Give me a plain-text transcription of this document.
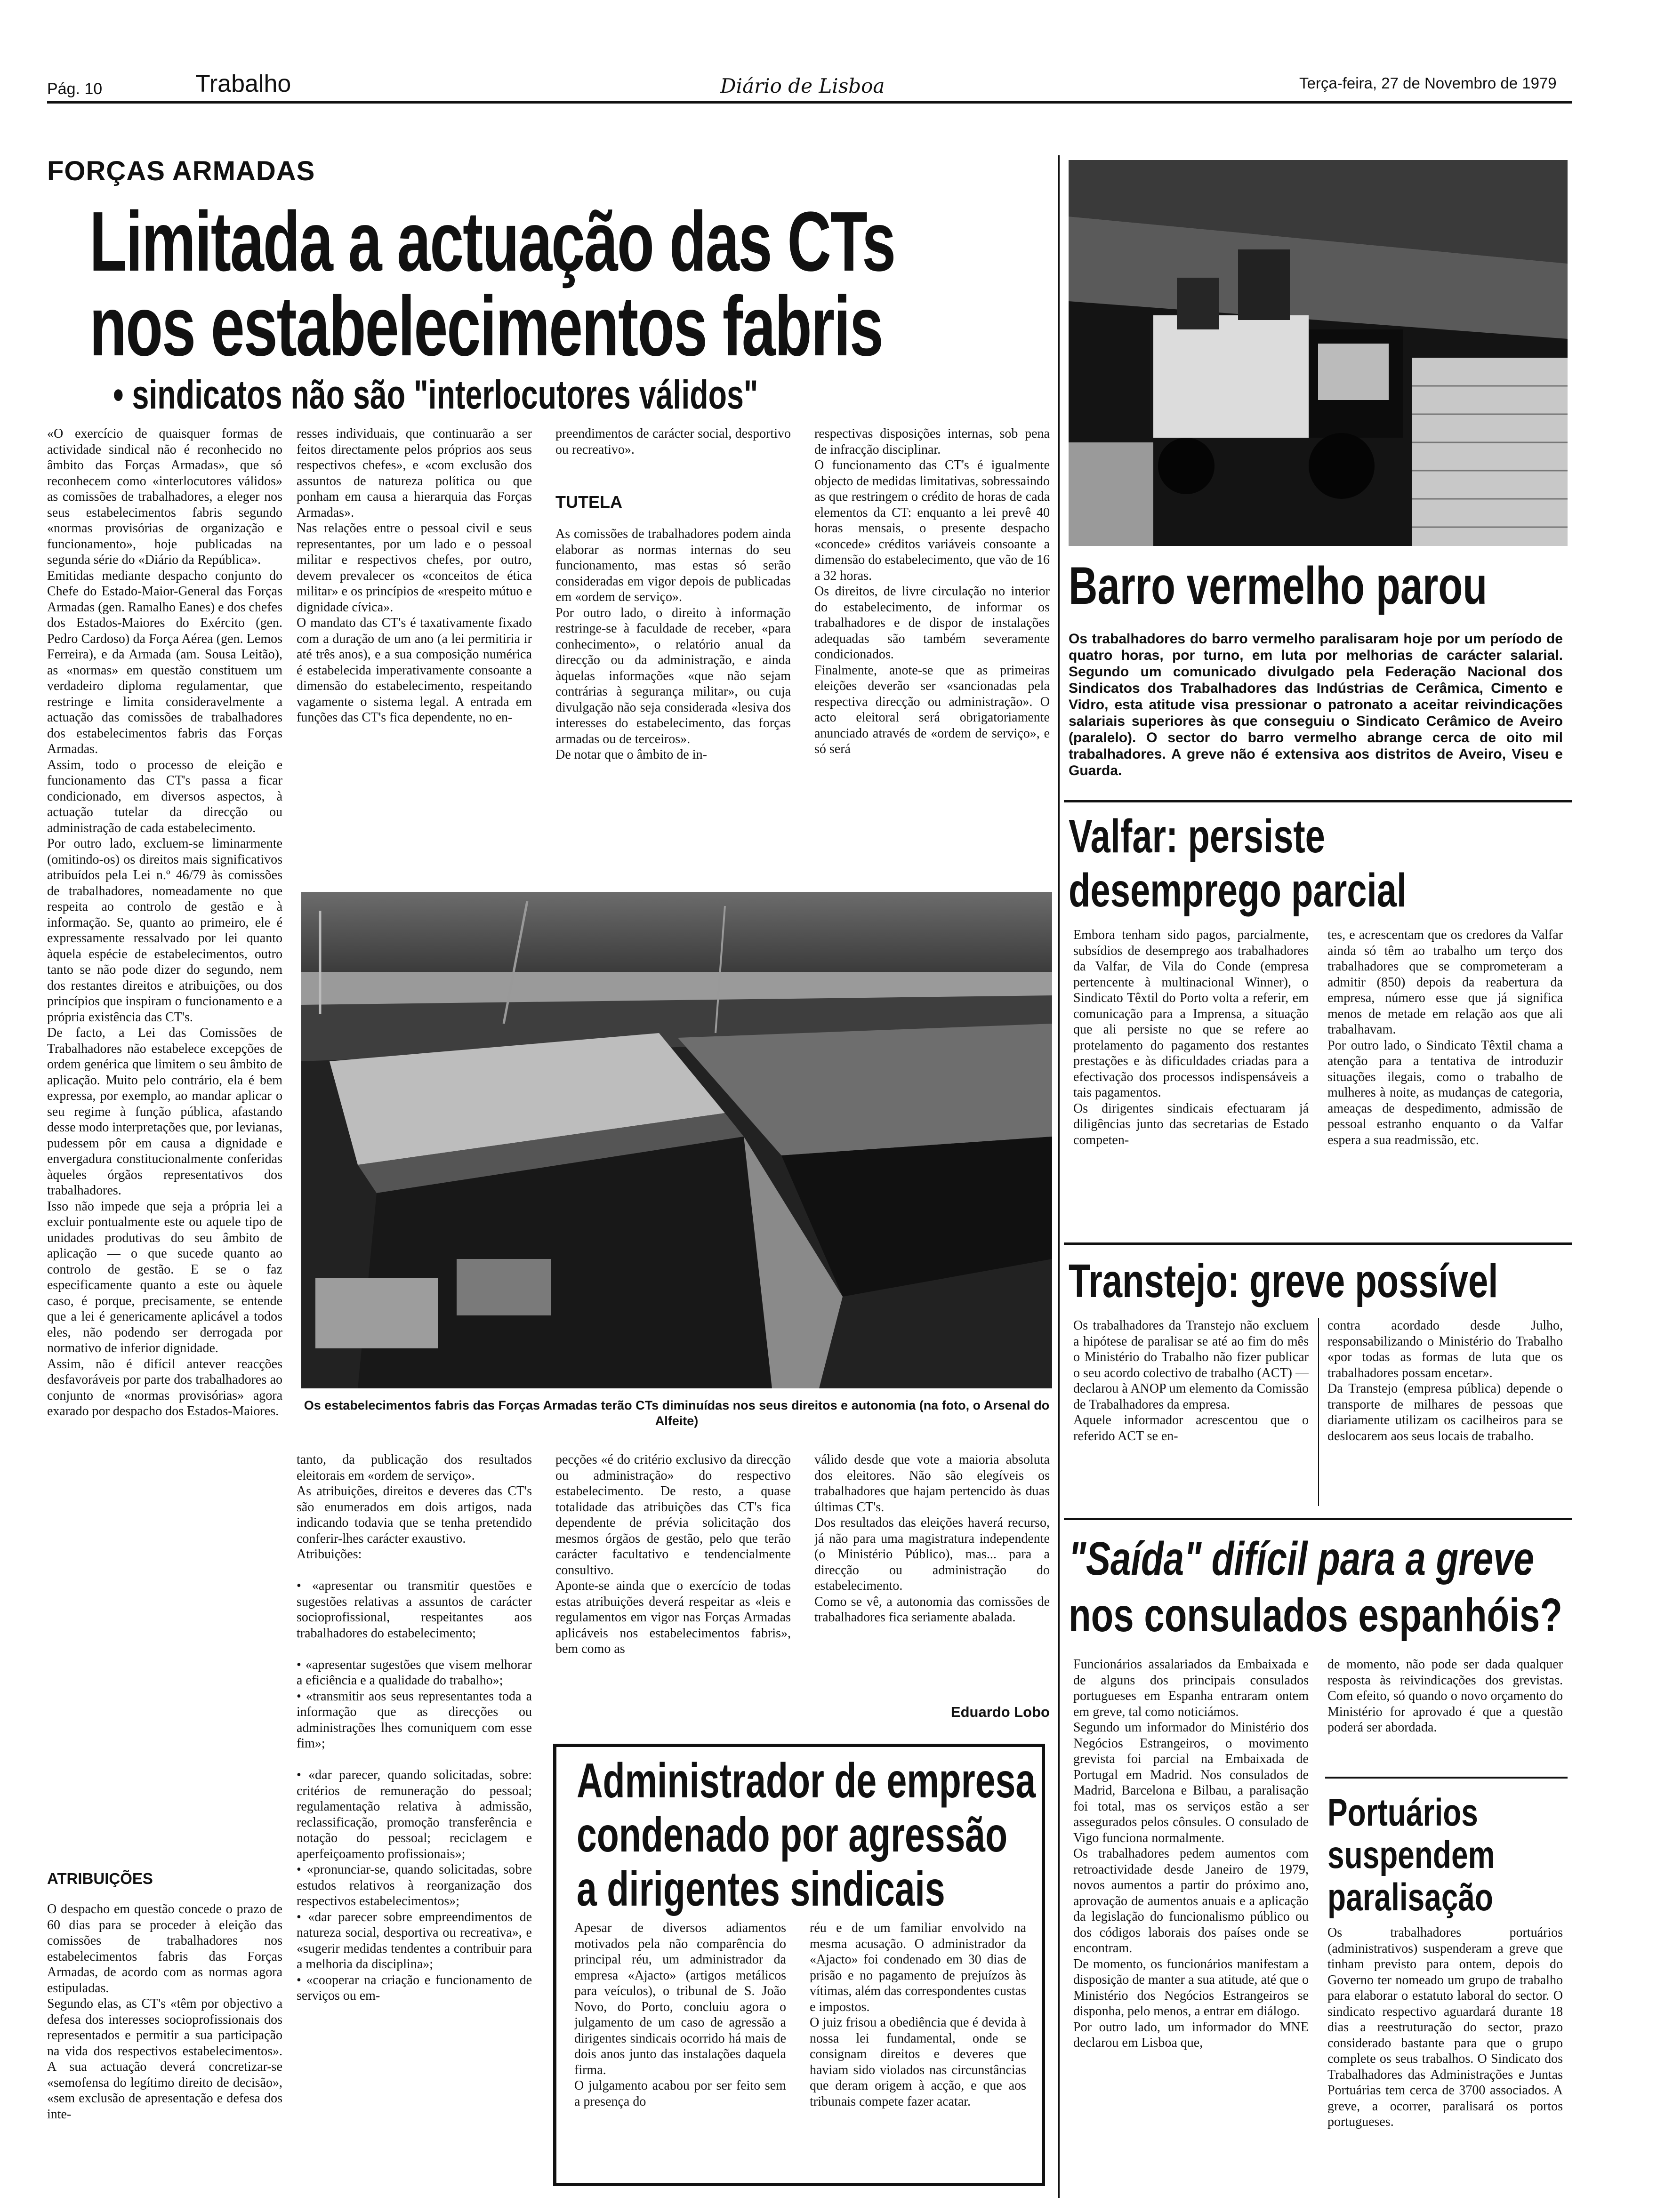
Pág. 10	Trabalho	Diário de Lisboa	Terça-feira, 27 de Novembro de 1979
FORÇAS ARMADAS
Limitada a actuação das CTs
nos estabelecimentos fabris
• sindicatos não são "interlocutores válidos"
«O exercício de quaisquer formas de actividade sindical não é reconhecido no âmbito das Forças Armadas», que só reconhecem como «interlocutores válidos» as comissões de trabalhadores, a eleger nos seus estabelecimentos fabris segundo «normas provisórias de organização e funcionamento», hoje publicadas na segunda série do «Diário da República».
Emitidas mediante despacho conjunto do Chefe do Estado-Maior-General das Forças Armadas (gen. Ramalho Eanes) e dos chefes dos Estados-Maiores do Exército (gen. Pedro Cardoso) da Força Aérea (gen. Lemos Ferreira), e da Armada (am. Sousa Leitão), as «normas» em questão constituem um verdadeiro diploma regulamentar, que restringe e limita consideravelmente a actuação das comissões de trabalhadores dos estabelecimentos fabris das Forças Armadas.
Assim, todo o processo de eleição e funcionamento das CT's passa a ficar condicionado, em diversos aspectos, à actuação tutelar da direcção ou administração de cada estabelecimento.
Por outro lado, excluem-se liminarmente (omitindo-os) os direitos mais significativos atribuídos pela Lei n.º 46/79 às comissões de trabalhadores, nomeadamente no que respeita ao controlo de gestão e à informação. Se, quanto ao primeiro, ele é expressamente ressalvado por lei quanto àquela espécie de estabelecimentos, outro tanto se não pode dizer do segundo, nem dos restantes direitos e atribuições, ou dos princípios que inspiram o funcionamento e a própria existência das CT's.
De facto, a Lei das Comissões de Trabalhadores não estabelece excepções de ordem genérica que limitem o seu âmbito de aplicação. Muito pelo contrário, ela é bem expressa, por exemplo, ao mandar aplicar o seu regime à função pública, afastando desse modo interpretações que, por levianas, pudessem pôr em causa a dignidade e envergadura constitucionalmente conferidas àqueles órgãos representativos dos trabalhadores.
Isso não impede que seja a própria lei a excluir pontualmente este ou aquele tipo de unidades produtivas do seu âmbito de aplicação — o que sucede quanto ao controlo de gestão. E se o faz especificamente quanto a este ou àquele caso, é porque, precisamente, se entende que a lei é genericamente aplicável a todos eles, não podendo ser derrogada por normativo de inferior dignidade.
Assim, não é difícil antever reacções desfavoráveis por parte dos trabalhadores ao conjunto de «normas provisórias» agora exarado por despacho dos Estados-Maiores.
ATRIBUIÇÕES
O despacho em questão concede o prazo de 60 dias para se proceder à eleição das comissões de trabalhadores nos estabelecimentos fabris das Forças Armadas, de acordo com as normas agora estipuladas.
Segundo elas, as CT's «têm por objectivo a defesa dos interesses socioprofissionais dos representados e permitir a sua participação na vida dos respectivos estabelecimentos». A sua actuação deverá concretizar-se «semofensa do legítimo direito de decisão», «sem exclusão de apresentação e defesa dos inte-
resses individuais, que continuarão a ser feitos directamente pelos próprios aos seus respectivos chefes», e «com exclusão dos assuntos de natureza política ou que ponham em causa a hierarquia das Forças Armadas».
Nas relações entre o pessoal civil e seus representantes, por um lado e o pessoal militar e respectivos chefes, por outro, devem prevalecer os «conceitos de ética militar» e os princípios de «respeito mútuo e dignidade cívica».
O mandato das CT's é taxativamente fixado com a duração de um ano (a lei permitiria ir até três anos), e a sua composição numérica é estabelecida imperativamente consoante a dimensão do estabelecimento, respeitando vagamente o sistema legal. A entrada em funções das CT's fica dependente, no en-
preendimentos de carácter social, desportivo ou recreativo».
TUTELA
As comissões de trabalhadores podem ainda elaborar as normas internas do seu funcionamento, mas estas só serão consideradas em vigor depois de publicadas em «ordem de serviço».
Por outro lado, o direito à informação restringe-se à faculdade de receber, «para conhecimento», o relatório anual da direcção ou da administração, e ainda àquelas informações «que não sejam contrárias à segurança militar», ou cuja divulgação não seja considerada «lesiva dos interesses do estabelecimento, das forças armadas ou de terceiros».
De notar que o âmbito de in-
respectivas disposições internas, sob pena de infracção disciplinar.
O funcionamento das CT's é igualmente objecto de medidas limitativas, sobressaindo as que restringem o crédito de horas de cada elementos da CT: enquanto a lei prevê 40 horas mensais, o presente despacho «concede» créditos variáveis consoante a dimensão do estabelecimento, que vão de 16 a 32 horas.
Os direitos, de livre circulação no interior do estabelecimento, de informar os trabalhadores e de dispor de instalações adequadas são também severamente condicionados.
Finalmente, anote-se que as primeiras eleições deverão ser «sancionadas pela respectiva direcção ou administração». O acto eleitoral será obrigatoriamente anunciado através de «ordem de serviço», e só será
Os estabelecimentos fabris das Forças Armadas terão CTs diminuídas nos seus direitos e autonomia (na foto, o Arsenal do Alfeite)
tanto, da publicação dos resultados eleitorais em «ordem de serviço».
As atribuições, direitos e deveres das CT's são enumerados em dois artigos, nada indicando todavia que se tenha pretendido conferir-lhes carácter exaustivo.
Atribuições:

• «apresentar ou transmitir questões e sugestões relativas a assuntos de carácter socioprofissional, respeitantes aos trabalhadores do estabelecimento;

• «apresentar sugestões que visem melhorar a eficiência e a qualidade do trabalho»;
• «transmitir aos seus representantes toda a informação que as direcções ou administrações lhes comuniquem com esse fim»;

• «dar parecer, quando solicitadas, sobre: critérios de remuneração do pessoal; regulamentação relativa à admissão, reclassificação, promoção transferência e notação do pessoal; reciclagem e aperfeiçoamento profissionais»;
• «pronunciar-se, quando solicitadas, sobre estudos relativos à reorganização dos respectivos estabelecimentos»;
• «dar parecer sobre empreendimentos de natureza social, desportiva ou recreativa», e «sugerir medidas tendentes a contribuir para a melhoria da disciplina»;
• «cooperar na criação e funcionamento de serviços ou em-
pecções «é do critério exclusivo da direcção ou administração» do respectivo estabelecimento. De resto, a quase totalidade das atribuições das CT's fica dependente de prévia solicitação dos mesmos órgãos de gestão, pelo que terão carácter facultativo e tendencialmente consultivo.
Aponte-se ainda que o exercício de todas estas atribuições deverá respeitar as «leis e regulamentos em vigor nas Forças Armadas aplicáveis nos estabelecimentos fabris», bem como as
válido desde que vote a maioria absoluta dos eleitores. Não são elegíveis os trabalhadores que hajam pertencido às duas últimas CT's.
Dos resultados das eleições haverá recurso, já não para uma magistratura independente (o Ministério Público), mas... para a direcção ou administração do estabelecimento.
Como se vê, a autonomia das comissões de trabalhadores fica seriamente abalada.
Eduardo Lobo
Administrador de empresa
condenado por agressão
a dirigentes sindicais
Apesar de diversos adiamentos motivados pela não comparência do principal réu, um administrador da empresa «Ajacto» (artigos metálicos para veículos), o tribunal de S. João Novo, do Porto, concluiu agora o julgamento de um caso de agressão a dirigentes sindicais ocorrido há mais de dois anos junto das instalações daquela firma.
O julgamento acabou por ser feito sem a presença do
réu e de um familiar envolvido na mesma acusação. O administrador da «Ajacto» foi condenado em 30 dias de prisão e no pagamento de prejuízos às vítimas, além das correspondentes custas e impostos.
O juiz frisou a obediência que é devida à nossa lei fundamental, onde se consignam direitos e deveres que haviam sido violados nas circunstâncias que deram origem à acção, e que aos tribunais compete fazer acatar.
Barro vermelho parou
Os trabalhadores do barro vermelho paralisaram hoje por um período de quatro horas, por turno, em luta por melhorias de carácter salarial. Segundo um comunicado divulgado pela Federação Nacional dos Sindicatos dos Trabalhadores das Indústrias de Cerâmica, Cimento e Vidro, esta atitude visa pressionar o patronato a aceitar reivindicações salariais superiores às que conseguiu o Sindicato Cerâmico de Aveiro (paralelo). O sector do barro vermelho abrange cerca de oito mil trabalhadores. A greve não é extensiva aos distritos de Aveiro, Viseu e Guarda.
Valfar: persiste
desemprego parcial
Embora tenham sido pagos, parcialmente, subsídios de desemprego aos trabalhadores da Valfar, de Vila do Conde (empresa pertencente à multinacional Winner), o Sindicato Têxtil do Porto volta a referir, em comunicação para a Imprensa, a situação que ali persiste no que se refere ao protelamento do pagamento dos restantes prestações e às dificuldades criadas para a efectivação dos processos indispensáveis a tais pagamentos.
Os dirigentes sindicais efectuaram já diligências junto das secretarias de Estado competen-
tes, e acrescentam que os credores da Valfar ainda só têm ao trabalho um terço dos trabalhadores que se comprometeram a admitir (850) depois da reabertura da empresa, número esse que já significa menos de metade em relação aos que ali trabalhavam.
Por outro lado, o Sindicato Têxtil chama a atenção para a tentativa de introduzir situações ilegais, como o trabalho de mulheres à noite, as mudanças de categoria, ameaças de despedimento, admissão de pessoal estranho enquanto o da Valfar espera a sua readmissão, etc.
Transtejo: greve possível
Os trabalhadores da Transtejo não excluem a hipótese de paralisar se até ao fim do mês o Ministério do Trabalho não fizer publicar o seu acordo colectivo de trabalho (ACT) — declarou à ANOP um elemento da Comissão de Trabalhadores da empresa.
Aquele informador acrescentou que o referido ACT se en-
contra acordado desde Julho, responsabilizando o Ministério do Trabalho «por todas as formas de luta que os trabalhadores possam encetar».
Da Transtejo (empresa pública) depende o transporte de milhares de pessoas que diariamente utilizam os cacilheiros para se deslocarem aos seus locais de trabalho.
"Saída" difícil para a greve
nos consulados espanhóis?
Funcionários assalariados da Embaixada e de alguns dos principais consulados portugueses em Espanha entraram ontem em greve, tal como noticiámos.
Segundo um informador do Ministério dos Negócios Estrangeiros, o movimento grevista foi parcial na Embaixada de Portugal em Madrid. Nos consulados de Madrid, Barcelona e Bilbau, a paralisação foi total, mas os serviços estão a ser assegurados pelos cônsules. O consulado de Vigo funciona normalmente.
Os trabalhadores pedem aumentos com retroactividade desde Janeiro de 1979, novos aumentos a partir do próximo ano, aprovação de aumentos anuais e a aplicação da legislação do funcionalismo público ou dos códigos laborais dos países onde se encontram.
De momento, os funcionários manifestam a disposição de manter a sua atitude, até que o Ministério dos Negócios Estrangeiros se disponha, pelo menos, a entrar em diálogo.
Por outro lado, um informador do MNE declarou em Lisboa que,
de momento, não pode ser dada qualquer resposta às reivindicações dos grevistas. Com efeito, só quando o novo orçamento do Ministério for aprovado é que a questão poderá ser abordada.
Portuários
suspendem
paralisação
Os trabalhadores portuários (administrativos) suspenderam a greve que tinham previsto para ontem, depois do Governo ter nomeado um grupo de trabalho para elaborar o estatuto laboral do sector. O sindicato respectivo aguardará durante 18 dias a reestruturação do sector, prazo considerado bastante para que o grupo complete os seus trabalhos. O Sindicato dos Trabalhadores das Administrações e Juntas Portuárias tem cerca de 3700 associados. A greve, a ocorrer, paralisará os portos portugueses.
